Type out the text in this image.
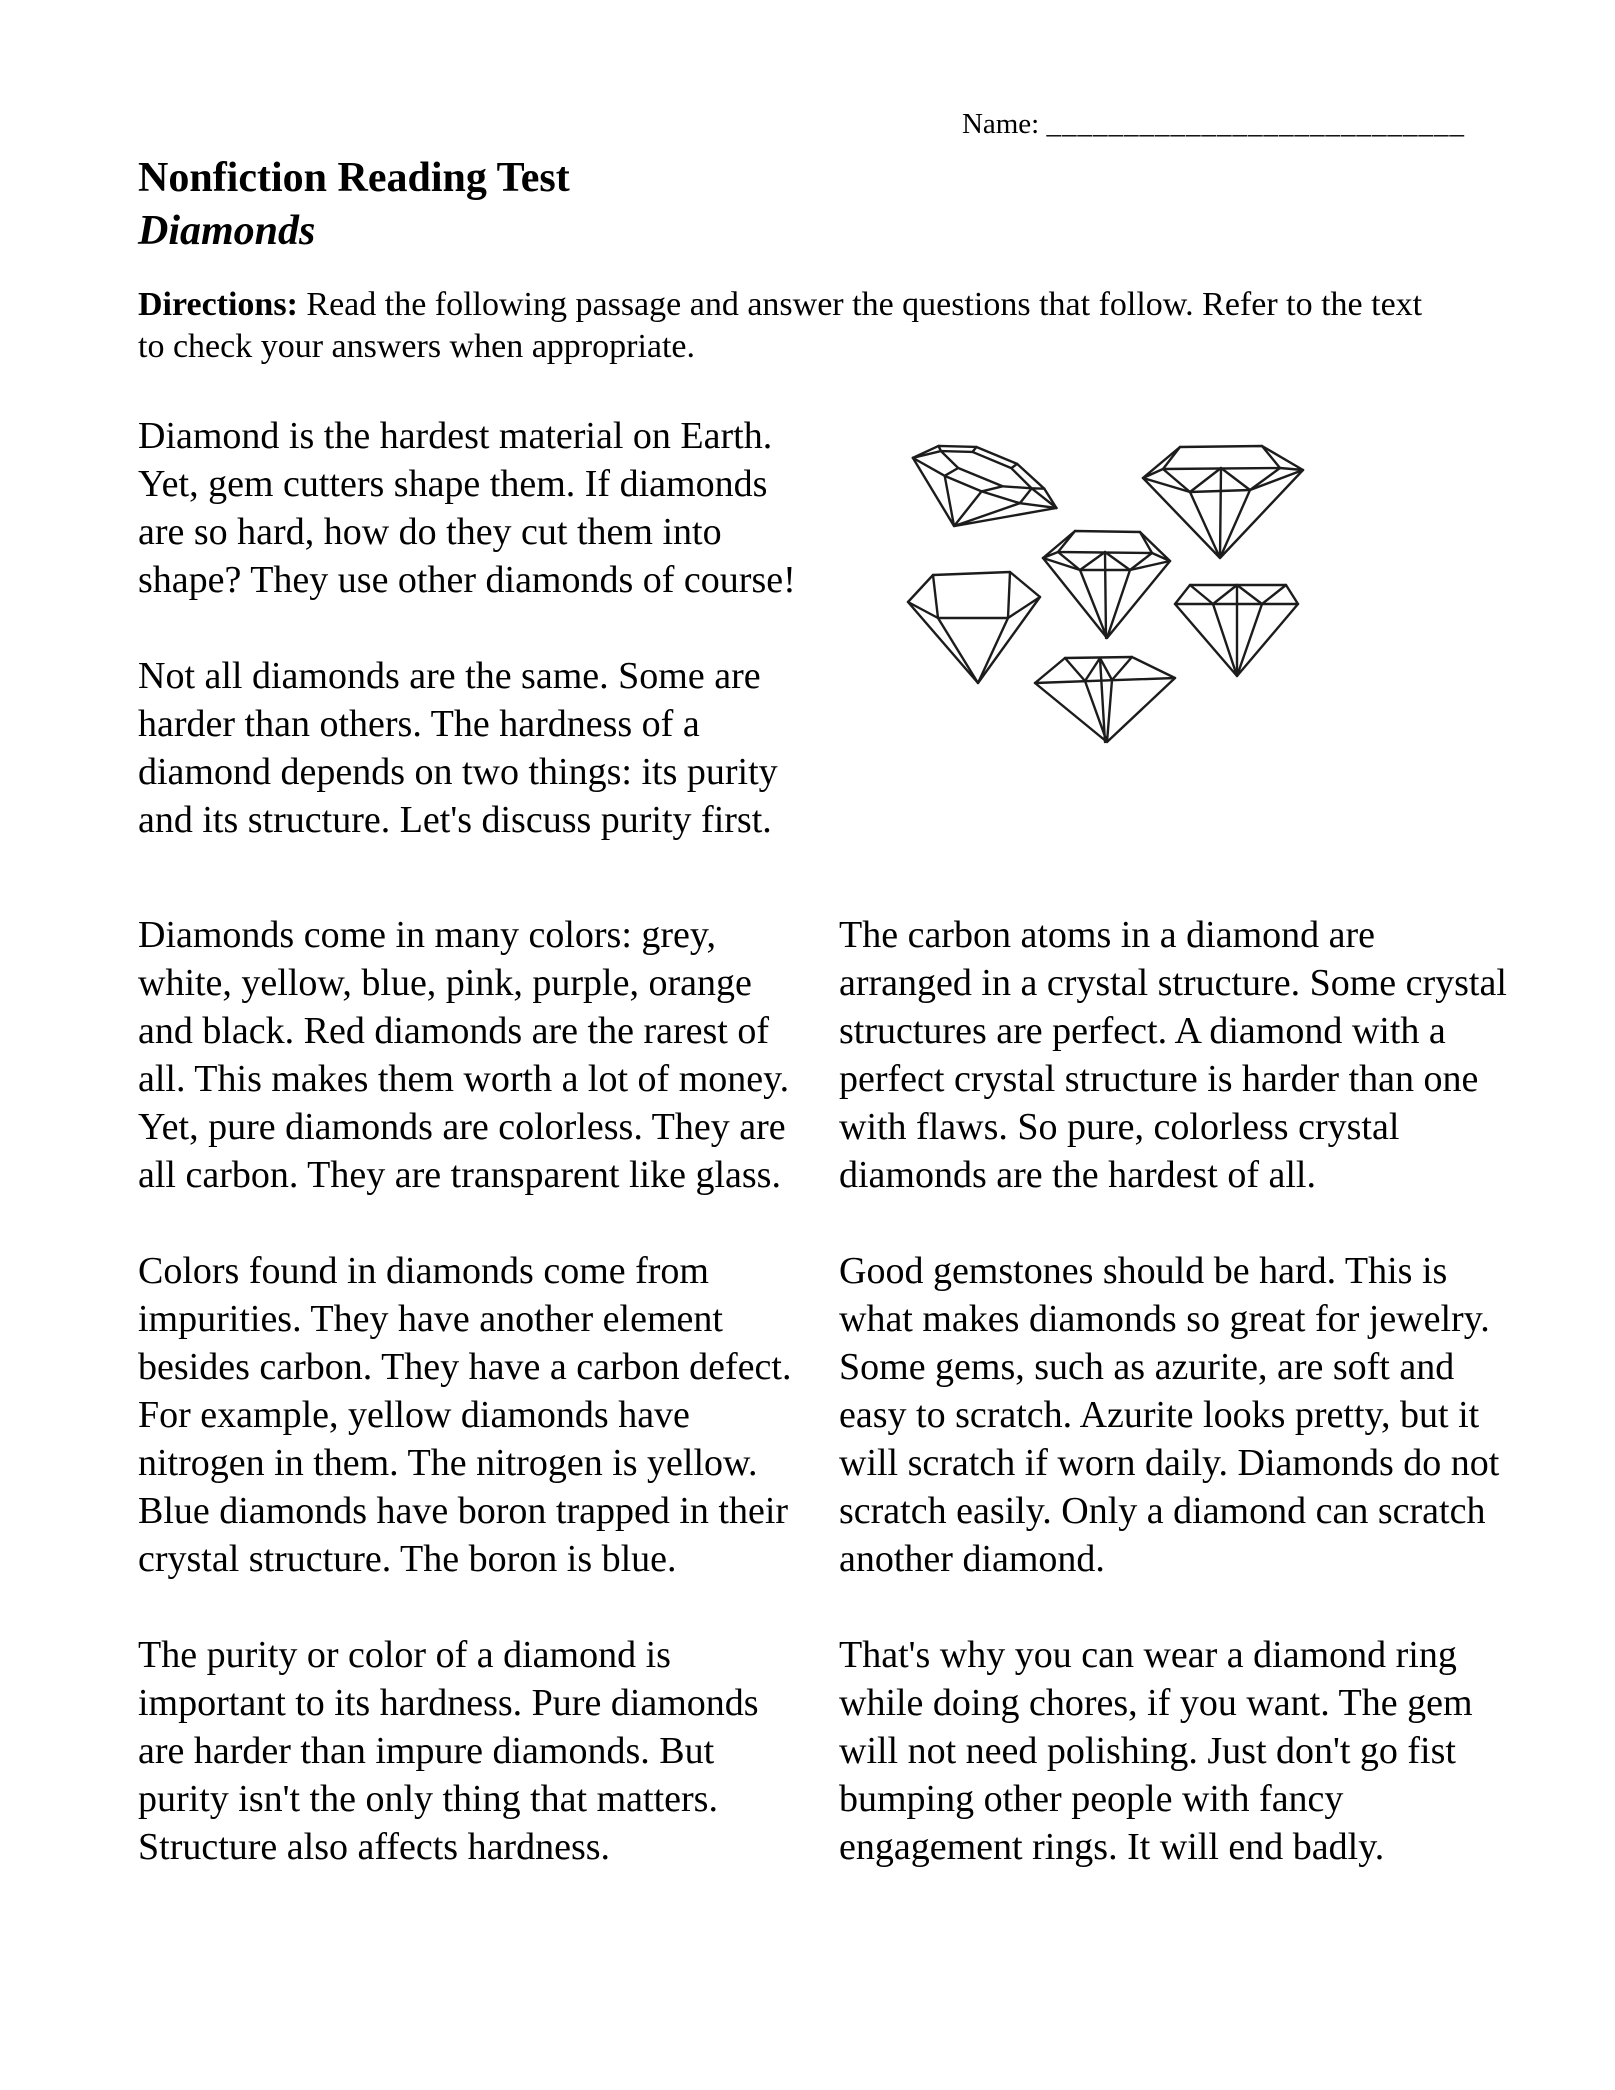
Name: ___________________________
Nonfiction Reading Test
Diamonds

Directions: Read the following passage and answer the questions that follow. Refer to the text to check your answers when appropriate.

Diamond is the hardest material on Earth. Yet, gem cutters shape them. If diamonds are so hard, how do they cut them into shape? They use other diamonds of course!

Not all diamonds are the same. Some are harder than others. The hardness of a diamond depends on two things: its purity and its structure. Let's discuss purity first.

Diamonds come in many colors: grey, white, yellow, blue, pink, purple, orange and black. Red diamonds are the rarest of all. This makes them worth a lot of money. Yet, pure diamonds are colorless. They are all carbon. They are transparent like glass.

Colors found in diamonds come from impurities. They have another element besides carbon. They have a carbon defect. For example, yellow diamonds have nitrogen in them. The nitrogen is yellow. Blue diamonds have boron trapped in their crystal structure. The boron is blue.

The purity or color of a diamond is important to its hardness. Pure diamonds are harder than impure diamonds. But purity isn't the only thing that matters. Structure also affects hardness.

The carbon atoms in a diamond are arranged in a crystal structure. Some crystal structures are perfect. A diamond with a perfect crystal structure is harder than one with flaws. So pure, colorless crystal diamonds are the hardest of all.

Good gemstones should be hard. This is what makes diamonds so great for jewelry. Some gems, such as azurite, are soft and easy to scratch. Azurite looks pretty, but it will scratch if worn daily. Diamonds do not scratch easily. Only a diamond can scratch another diamond.

That's why you can wear a diamond ring while doing chores, if you want. The gem will not need polishing. Just don't go fist bumping other people with fancy engagement rings. It will end badly.
